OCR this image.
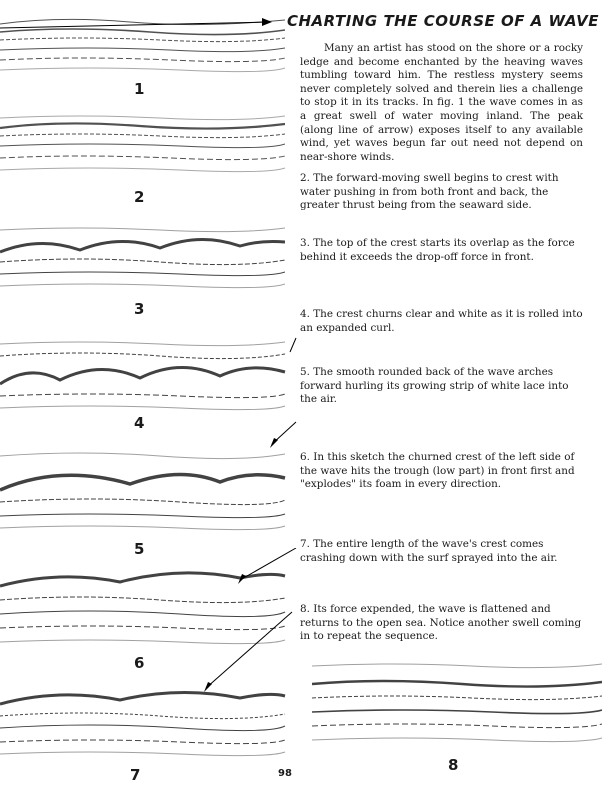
CHARTING THE COURSE OF A WAVE
Many an artist has stood on the shore or a rocky ledge and become enchanted by the heaving waves tumbling toward him. The restless mystery seems never completely solved and therein lies a challenge to stop it in its tracks. In fig. 1 the wave comes in as a great swell of water moving inland. The peak (along line of arrow) exposes itself to any available wind, yet waves begun far out need not depend on near-shore winds.
2. The forward-moving swell begins to crest with water pushing in from both front and back, the greater thrust being from the seaward side.
3. The top of the crest starts its overlap as the force behind it exceeds the drop-off force in front.
4. The crest churns clear and white as it is rolled into an expanded curl.
5. The smooth rounded back of the wave arches forward hurling its growing strip of white lace into the air.
6. In this sketch the churned crest of the left side of the wave hits the trough (low part) in front first and "explodes" its foam in every direction.
7. The entire length of the wave's crest comes crashing down with the surf sprayed into the air.
8. Its force expended, the wave is flattened and returns to the open sea. Notice another swell coming in to repeat the sequence.
1
2
3
4
5
6
7
8
98
